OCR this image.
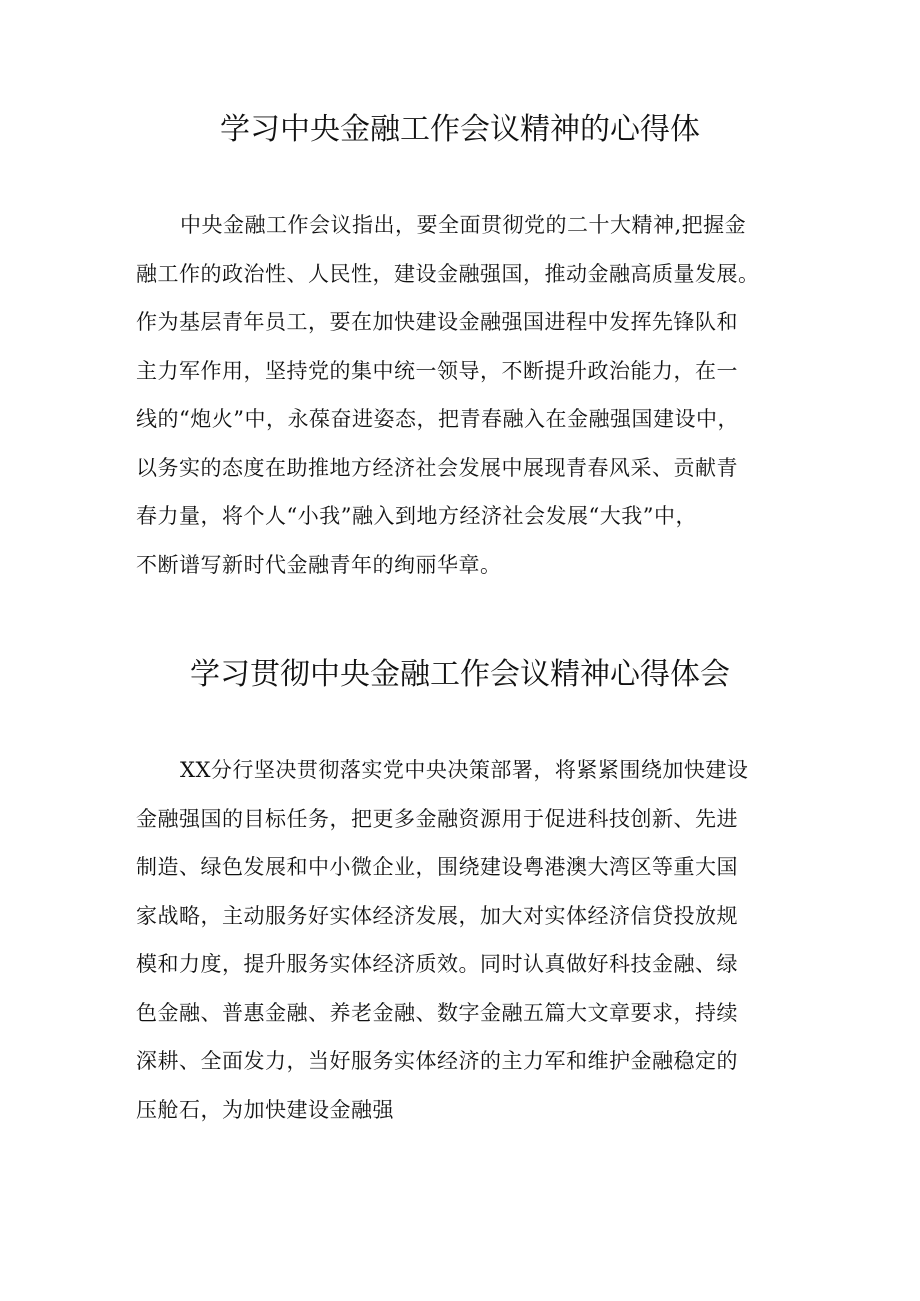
学习中央金融工作会议精神的心得体
中央金融工作会议指出，要全面贯彻党的二十大精神,把握金
融工作的政治性、人民性，建设金融强国，推动金融高质量发展。
作为基层青年员工，要在加快建设金融强国进程中发挥先锋队和
主力军作用，坚持党的集中统一领导，不断提升政治能力，在一
线的“炮火”中，永葆奋进姿态，把青春融入在金融强国建设中，
以务实的态度在助推地方经济社会发展中展现青春风采、贡献青
春力量，将个人“小我”融入到地方经济社会发展“大我”中，
不断谱写新时代金融青年的绚丽华章。
学习贯彻中央金融工作会议精神心得体会
XX分行坚决贯彻落实党中央决策部署，将紧紧围绕加快建设
金融强国的目标任务，把更多金融资源用于促进科技创新、先进
制造、绿色发展和中小微企业，围绕建设粤港澳大湾区等重大国
家战略，主动服务好实体经济发展，加大对实体经济信贷投放规
模和力度，提升服务实体经济质效。同时认真做好科技金融、绿
色金融、普惠金融、养老金融、数字金融五篇大文章要求，持续
深耕、全面发力，当好服务实体经济的主力军和维护金融稳定的
压舱石，为加快建设金融强
